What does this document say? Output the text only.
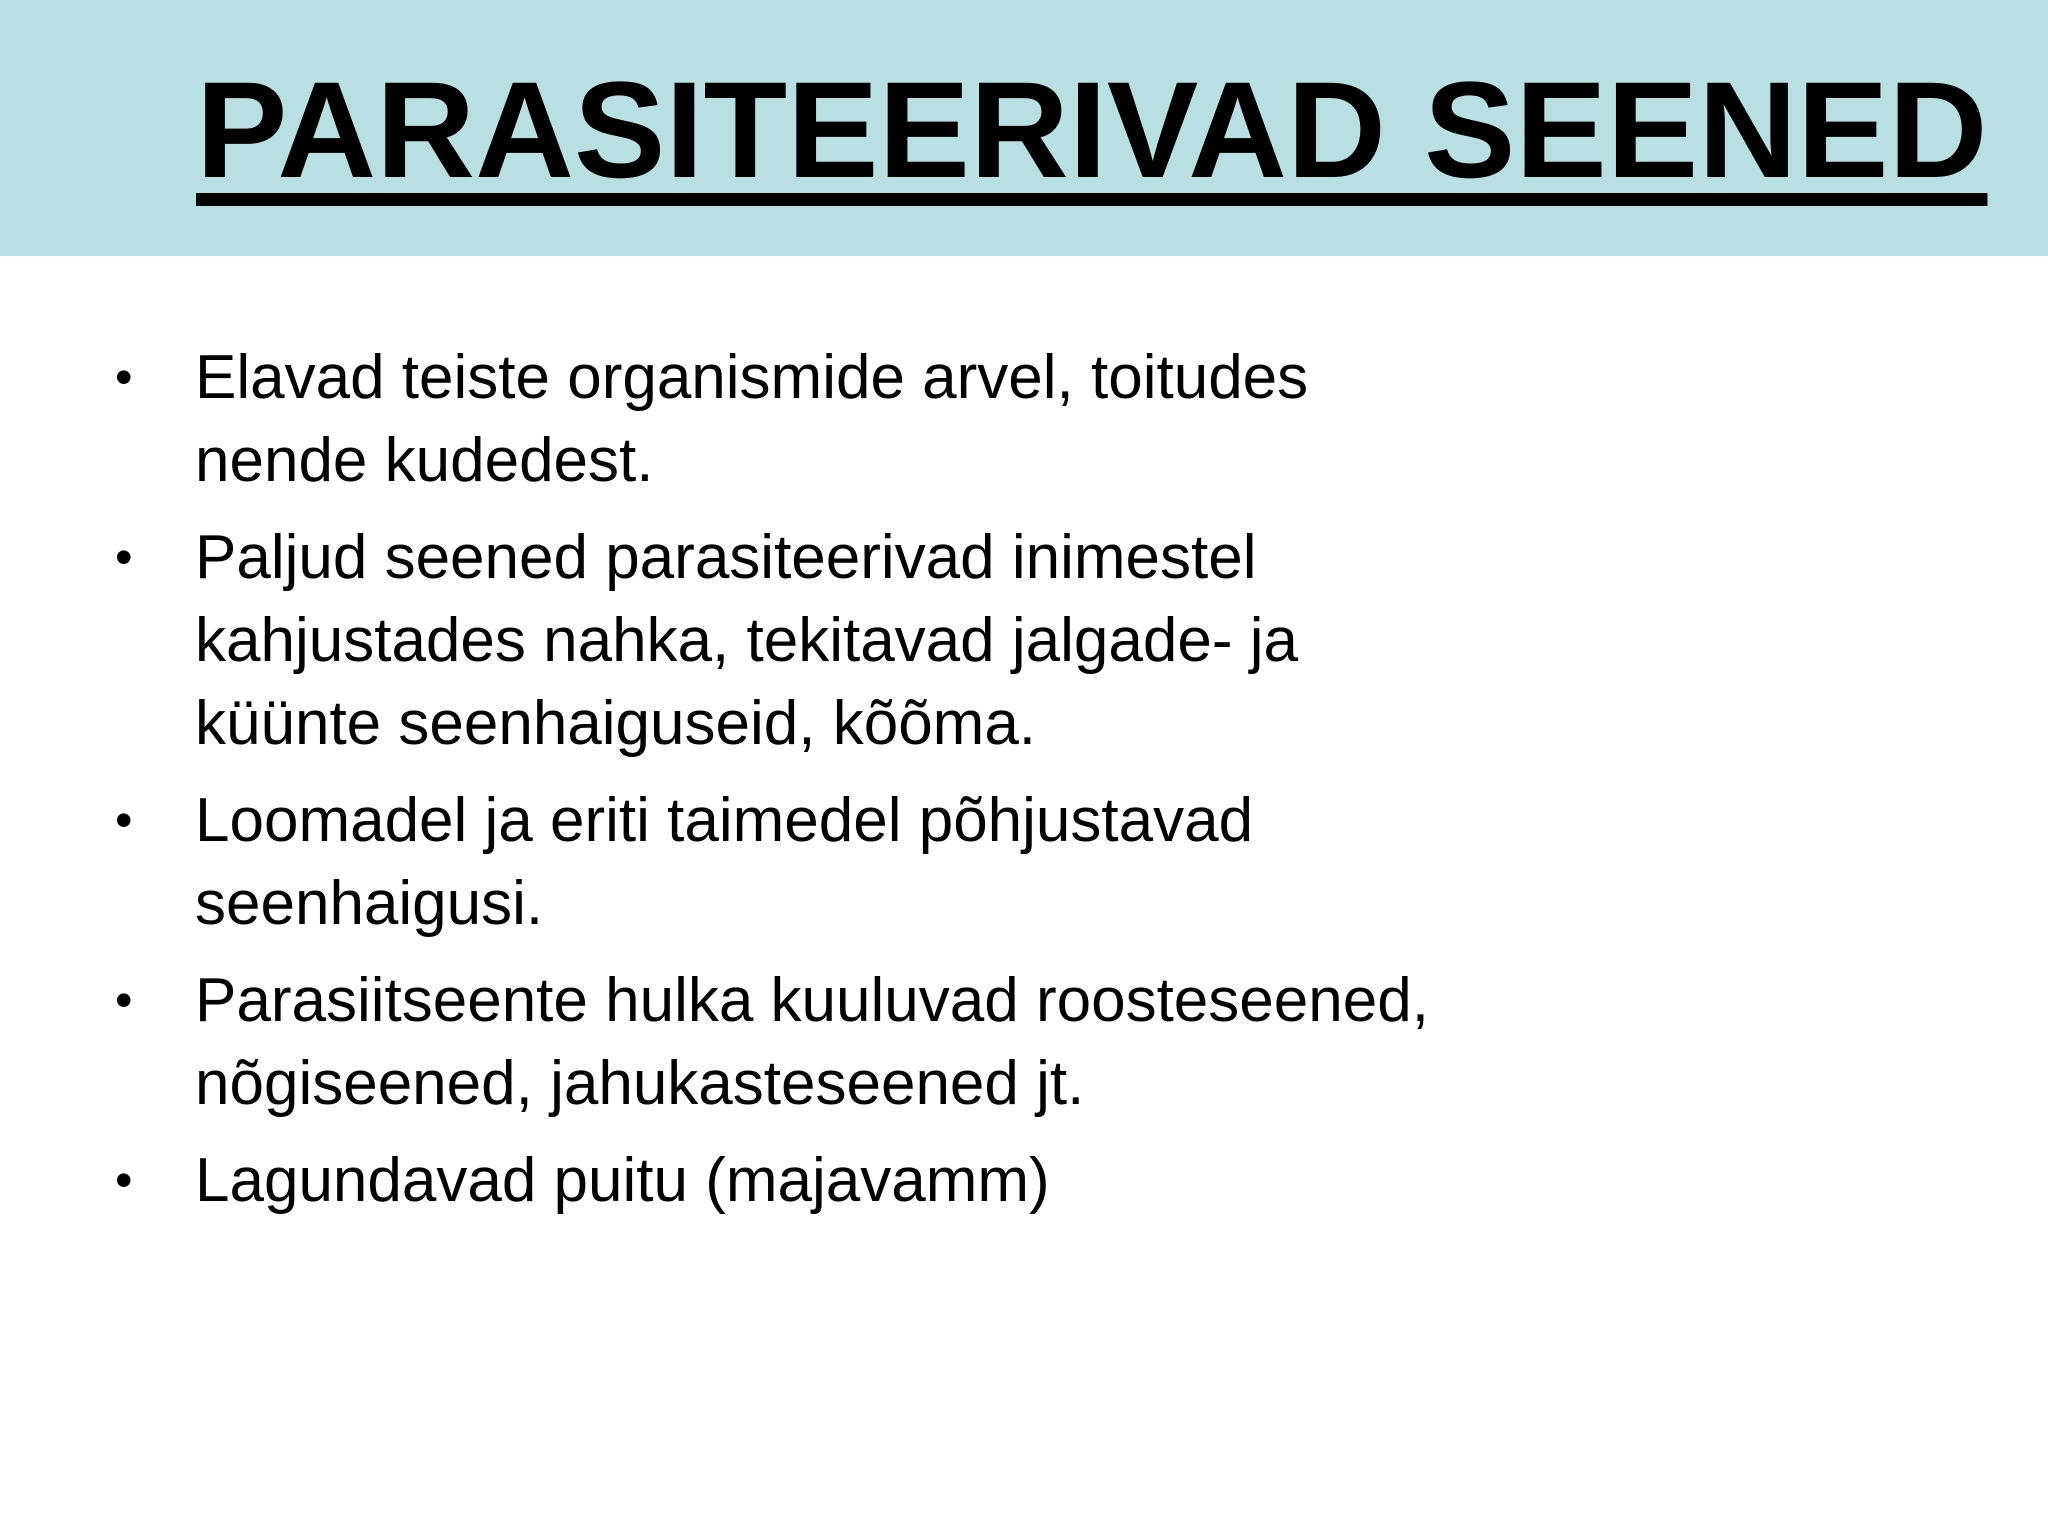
PARASITEERIVAD SEENED
• Elavad teiste organismide arvel, toitudes
nende kudedest.
• Paljud seened parasiteerivad inimestel
kahjustades nahka, tekitavad jalgade- ja
küünte seenhaiguseid, kõõma.
• Loomadel ja eriti taimedel põhjustavad
seenhaigusi.
• Parasiitseente hulka kuuluvad roosteseened,
nõgiseened, jahukasteseened jt.
• Lagundavad puitu (majavamm)
